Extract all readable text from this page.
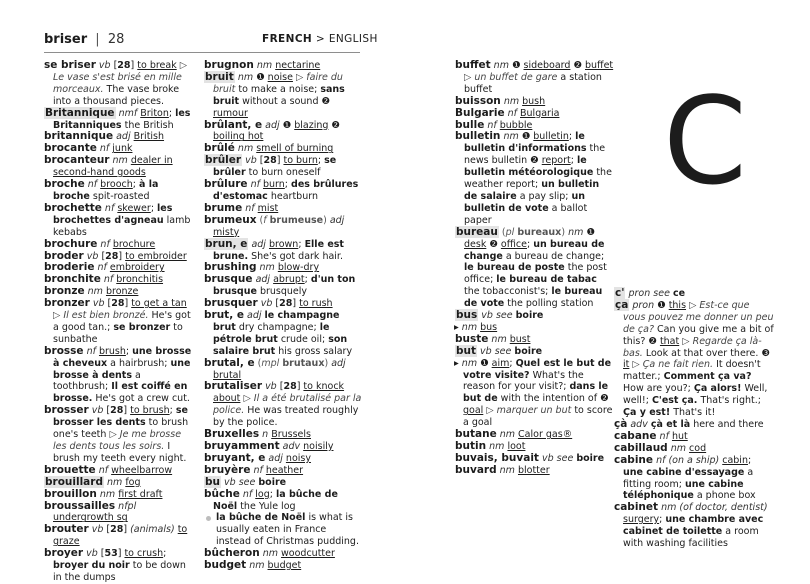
briser | 28	FRENCH > ENGLISH
C
se briser vb [28] to break ▷ Le vase s'est brisé en mille morceaux. The vase broke into a thousand pieces.
Britannique nmf Briton; les Britanniques the British
britannique adj British
brocante nf junk
brocanteur nm dealer in second-hand goods
broche nf brooch; à la broche spit-roasted
brochette nf skewer; les brochettes d'agneau lamb kebabs
brochure nf brochure
broder vb [28] to embroider
broderie nf embroidery
bronchite nf bronchitis
bronze nm bronze
bronzer vb [28] to get a tan ▷ Il est bien bronzé. He's got a good tan.; se bronzer to sunbathe
brosse nf brush; une brosse à cheveux a hairbrush; une brosse à dents a toothbrush; Il est coiffé en brosse. He's got a crew cut.
brosser vb [28] to brush; se brosser les dents to brush one's teeth ▷ Je me brosse les dents tous les soirs. I brush my teeth every night.
brouette nf wheelbarrow
brouillard nm fog
brouillon nm first draft
broussailles nfpl undergrowth sg
brouter vb [28] (animals) to graze
broyer vb [53] to crush; broyer du noir to be down in the dumps
brugnon nm nectarine
bruit nm ❶ noise ▷ faire du bruit to make a noise; sans bruit without a sound ❷ rumour
brûlant, e adj ❶ blazing ❷ boiling hot
brûlé nm smell of burning
brûler vb [28] to burn; se brûler to burn oneself
brûlure nf burn; des brûlures d'estomac heartburn
brume nf mist
brumeux (f brumeuse) adj misty
brun, e adj brown; Elle est brune. She's got dark hair.
brushing nm blow-dry
brusque adj abrupt; d'un ton brusque brusquely
brusquer vb [28] to rush
brut, e adj le champagne brut dry champagne; le pétrole brut crude oil; son salaire brut his gross salary
brutal, e (mpl brutaux) adj brutal
brutaliser vb [28] to knock about ▷ Il a été brutalisé par la police. He was treated roughly by the police.
Bruxelles n Brussels
bruyamment adv noisily
bruyant, e adj noisy
bruyère nf heather
bu vb see boire
bûche nf log; la bûche de Noël the Yule log
la bûche de Noël is what is usually eaten in France instead of Christmas pudding.
bûcheron nm woodcutter
budget nm budget
buffet nm ❶ sideboard ❷ buffet ▷ un buffet de gare a station buffet
buisson nm bush
Bulgarie nf Bulgaria
bulle nf bubble
bulletin nm ❶ bulletin; le bulletin d'informations the news bulletin ❷ report; le bulletin météorologique the weather report; un bulletin de salaire a pay slip; un bulletin de vote a ballot paper
bureau (pl bureaux) nm ❶ desk ❷ office; un bureau de change a bureau de change; le bureau de poste the post office; le bureau de tabac the tobacconist's; le bureau de vote the polling station
bus vb see boire
▸ nm bus
buste nm bust
but vb see boire
▸ nm ❶ aim; Quel est le but de votre visite? What's the reason for your visit?; dans le but de with the intention of ❷ goal ▷ marquer un but to score a goal
butane nm Calor gas®
butin nm loot
buvais, buvait vb see boire
buvard nm blotter
c' pron see ce
ça pron ❶ this ▷ Est-ce que vous pouvez me donner un peu de ça? Can you give me a bit of this? ❷ that ▷ Regarde ça là-bas. Look at that over there. ❸ it ▷ Ça ne fait rien. It doesn't matter.; Comment ça va? How are you?; Ça alors! Well, well!; C'est ça. That's right.; Ça y est! That's it!
çà adv çà et là here and there
cabane nf hut
cabillaud nm cod
cabine nf (on a ship) cabin; une cabine d'essayage a fitting room; une cabine téléphonique a phone box
cabinet nm (of doctor, dentist) surgery; une chambre avec cabinet de toilette a room with washing facilities
